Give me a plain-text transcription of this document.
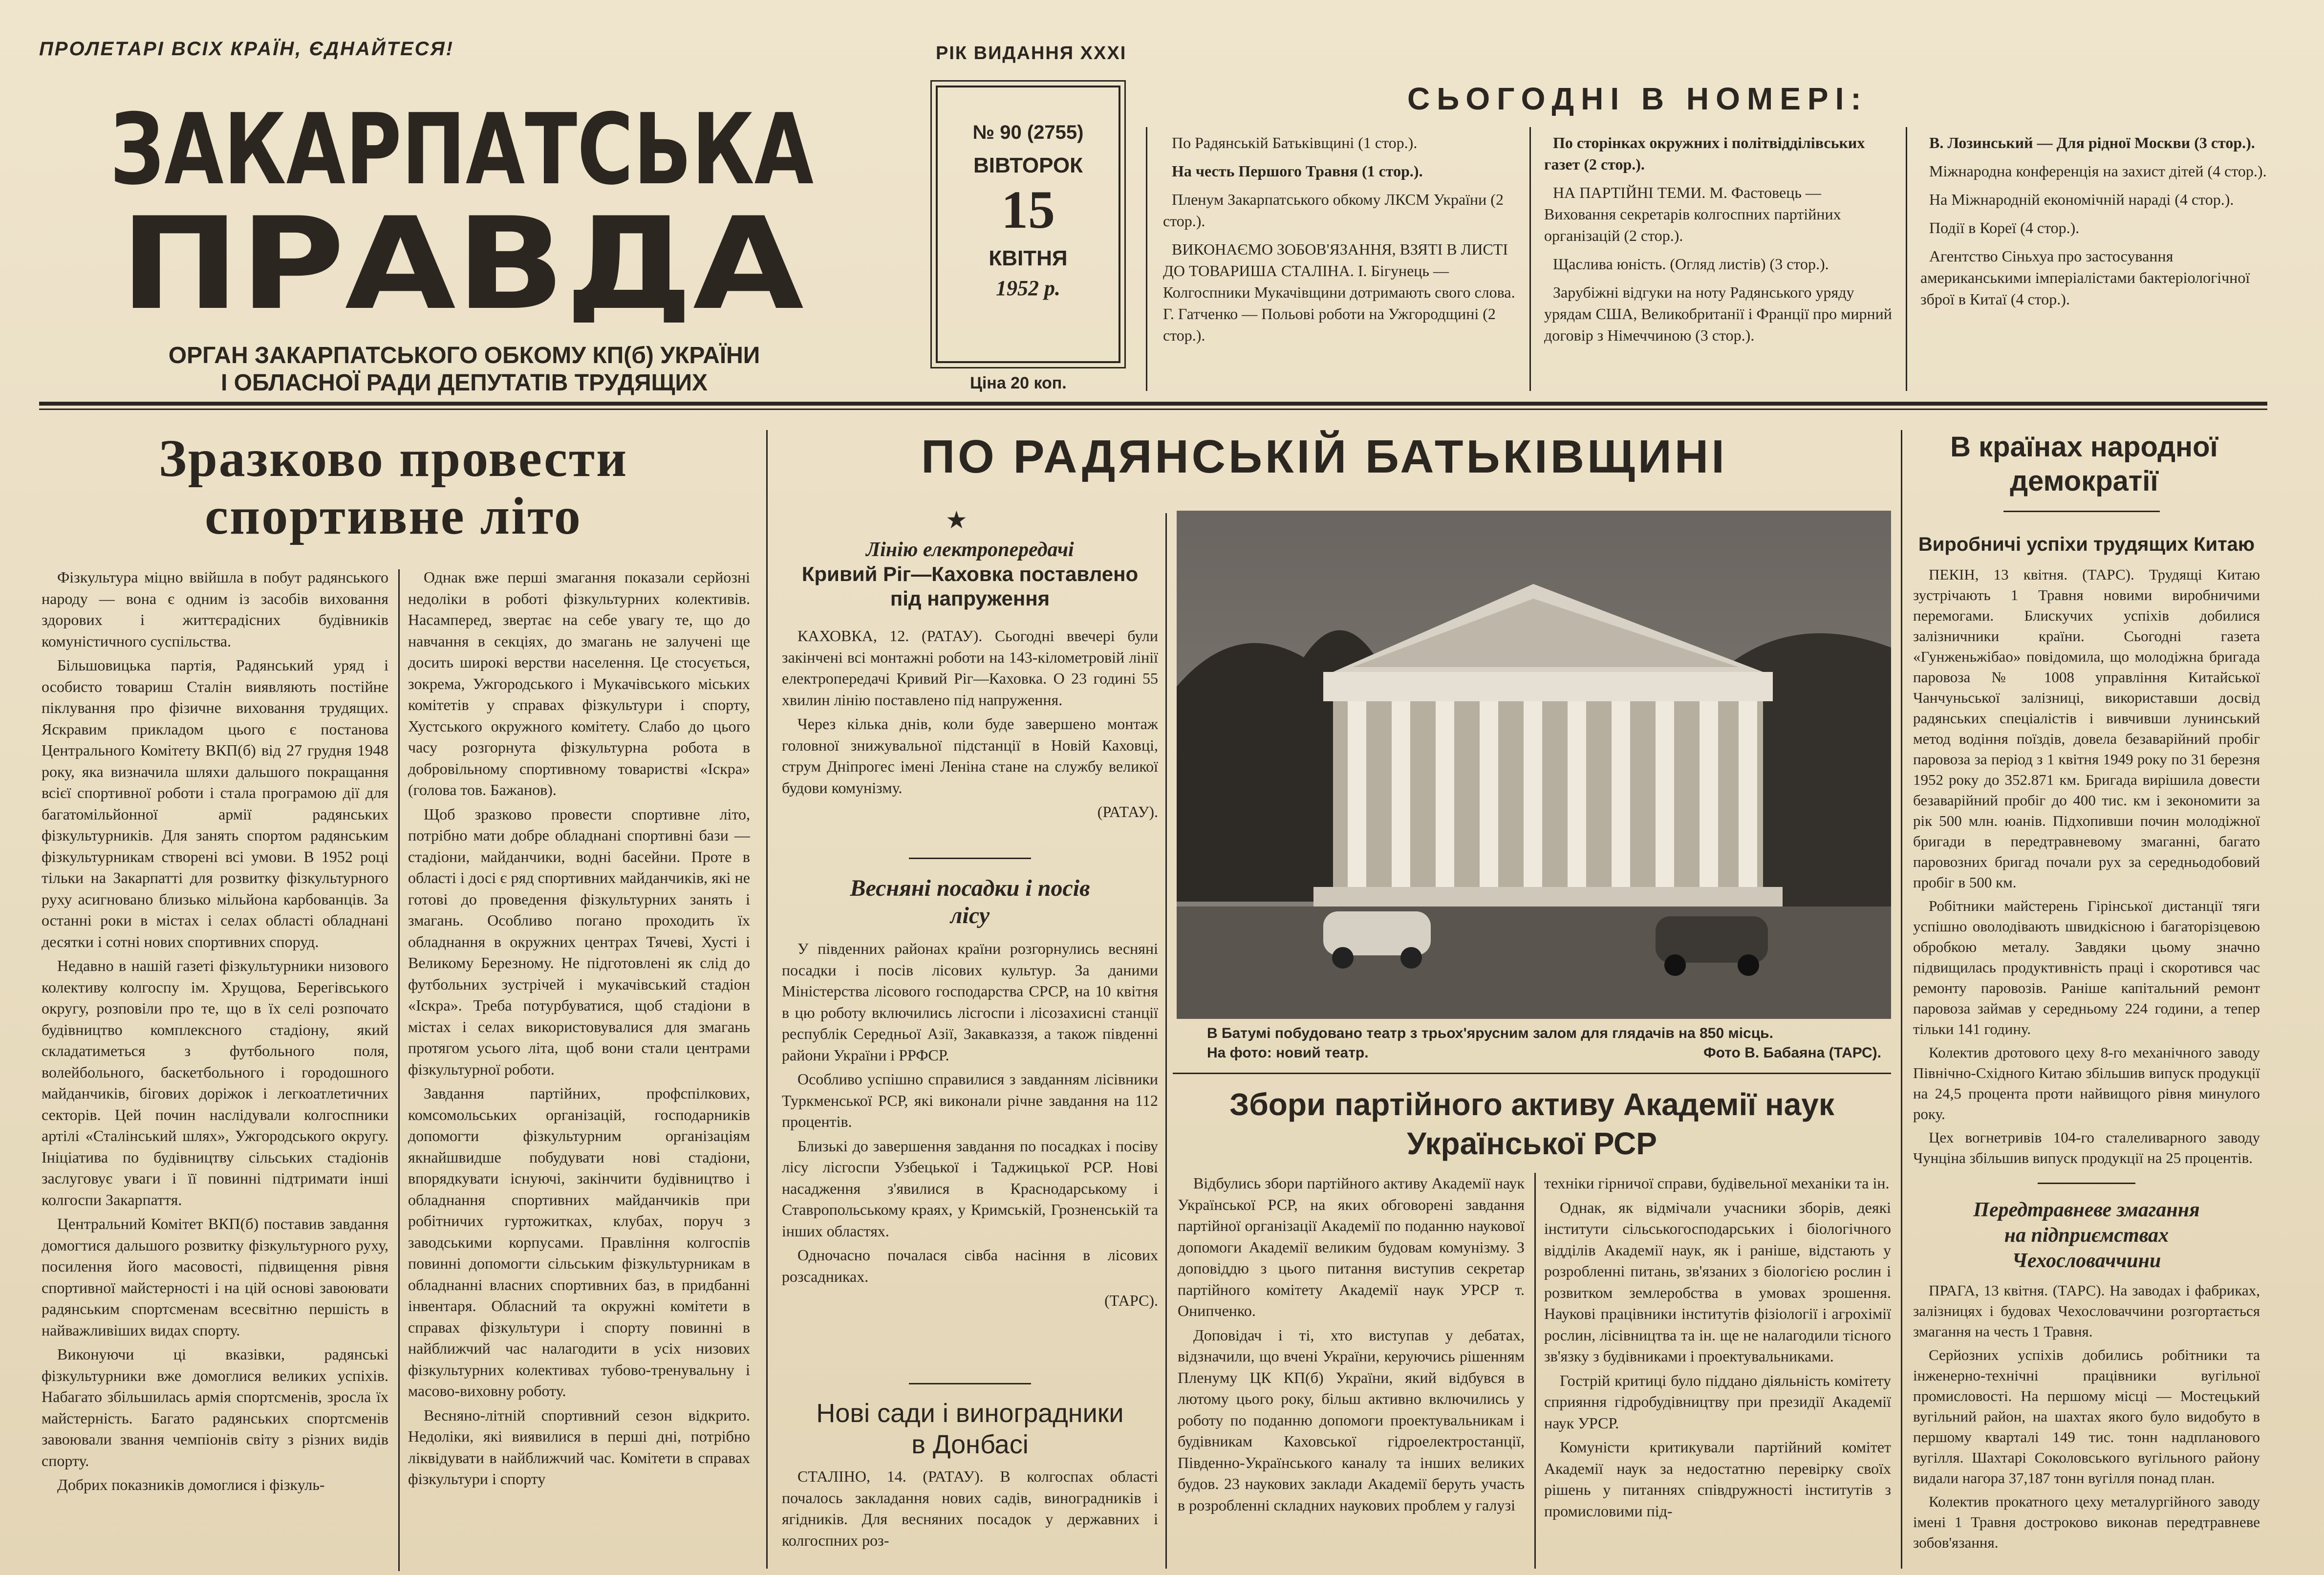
ПРОЛЕТАРІ ВСІХ КРАЇН, ЄДНАЙТЕСЯ!
ЗАКАРПАТСЬКА
ПРАВДА
ОРГАН ЗАКАРПАТСЬКОГО ОБКОМУ КП(б) УКРАЇНИ
І ОБЛАСНОЇ РАДИ ДЕПУТАТІВ ТРУДЯЩИХ
РІК ВИДАННЯ XXXІ
№ 90 (2755)
ВІВТОРОК
15
КВІТНЯ
1952 р.
Ціна 20 коп.
СЬОГОДНІ В НОМЕРІ:

По Радянській Батьківщині (1 стор.).

На честь Першого Травня (1 стор.).

Пленум Закарпатського обкому ЛКСМ України (2 стор.).

ВИКОНАЄМО ЗОБОВ'ЯЗАННЯ, ВЗЯТІ В ЛИСТІ ДО ТОВАРИША СТАЛІНА. І. Бігунець — Колгоспники Мукачівщини дотримають свого слова. Г. Гатченко — Польові роботи на Ужгородщині (2 стор.).

По сторінках окружних і політвідділівських газет (2 стор.).

НА ПАРТІЙНІ ТЕМИ. М. Фастовець — Виховання секретарів колгоспних партійних організацій (2 стор.).

Щаслива юність. (Огляд листів) (3 стор.).

Зарубіжні відгуки на ноту Радянського уряду урядам США, Великобританії і Франції про мирний договір з Німеччиною (3 стор.).

В. Лозинський — Для рідної Москви (3 стор.).

Міжнародна конференція на захист дітей (4 стор.).

На Міжнародній економічній нараді (4 стор.).

Події в Кореї (4 стор.).

Агентство Сіньхуа про застосування американськими імперіалістами бактеріологічної зброї в Китаї (4 стор.).

Зразково провести
спортивне літо

Фізкультура міцно ввійшла в побут радянського народу — вона є одним із засобів виховання здорових і життєрадісних будівників комуністичного суспільства.

Більшовицька партія, Радянський уряд і особисто товариш Сталін виявляють постійне піклування про фізичне виховання трудящих. Яскравим прикладом цього є постанова Центрального Комітету ВКП(б) від 27 грудня 1948 року, яка визначила шляхи дальшого покращання всієї спортивної роботи і стала програмою дії для багатомільйонної армії радянських фізкультурників. Для занять спортом радянським фізкультурникам створені всі умови. В 1952 році тільки на Закарпатті для розвитку фізкультурного руху асигновано близько мільйона карбованців. За останні роки в містах і селах області обладнані десятки і сотні нових спортивних споруд.

Недавно в нашій газеті фізкультурники низового колективу колгоспу ім. Хрущова, Берегівського округу, розповіли про те, що в їх селі розпочато будівництво комплексного стадіону, який складатиметься з футбольного поля, волейбольного, баскетбольного і городошного майданчиків, бігових доріжок і легкоатлетичних секторів. Цей почин наслідували колгоспники артілі «Сталінський шлях», Ужгородського округу. Ініціатива по будівництву сільських стадіонів заслуговує уваги і її повинні підтримати інші колгоспи Закарпаття.

Центральний Комітет ВКП(б) поставив завдання домогтися дальшого розвитку фізкультурного руху, посилення його масовості, підвищення рівня спортивної майстерності і на цій основі завоювати радянським спортсменам всесвітню першість в найважливіших видах спорту.

Виконуючи ці вказівки, радянські фізкультурники вже домоглися великих успіхів. Набагато збільшилась армія спортсменів, зросла їх майстерність. Багато радянських спортсменів завоювали звання чемпіонів світу з різних видів спорту.

Добрих показників домоглися і фізкуль-

Однак вже перші змагання показали серйозні недоліки в роботі фізкультурних колективів. Насамперед, звертає на себе увагу те, що до навчання в секціях, до змагань не залучені ще досить широкі верстви населення. Це стосується, зокрема, Ужгородського і Мукачівського міських комітетів у справах фізкультури і спорту, Хустського окружного комітету. Слабо до цього часу розгорнута фізкультурна робота в добровільному спортивному товаристві «Іскра» (голова тов. Бажанов).

Щоб зразково провести спортивне літо, потрібно мати добре обладнані спортивні бази — стадіони, майданчики, водні басейни. Проте в області і досі є ряд спортивних майданчиків, які не готові до проведення фізкультурних занять і змагань. Особливо погано проходить їх обладнання в окружних центрах Тячеві, Хусті і Великому Березному. Не підготовлені як слід до футбольних зустрічей і мукачівський стадіон «Іскра». Треба потурбуватися, щоб стадіони в містах і селах використовувалися для змагань протягом усього літа, щоб вони стали центрами фізкультурної роботи.

Завдання партійних, профспілкових, комсомольських організацій, господарників допомогти фізкультурним організаціям якнайшвидше побудувати нові стадіони, впорядкувати існуючі, закінчити будівництво і обладнання спортивних майданчиків при робітничих гуртожитках, клубах, поруч з заводськими корпусами. Правління колгоспів повинні допомогти сільським фізкультурникам в обладнанні власних спортивних баз, в придбанні інвентаря. Обласний та окружні комітети в справах фізкультури і спорту повинні в найближчий час налагодити в усіх низових фізкультурних колективах тубово-тренувальну і масово-виховну роботу.

Весняно-літній спортивний сезон відкрито. Недоліки, які виявилися в перші дні, потрібно ліквідувати в найближчий час. Комітети в справах фізкультури і спорту

ПО РАДЯНСЬКІЙ БАТЬКІВЩИНІ
★
Лінію електропередачі
Кривий Ріг—Каховка поставлено
під напруження

КАХОВКА, 12. (РАТАУ). Сьогодні ввечері були закінчені всі монтажні роботи на 143-кілометровій лінії електропередачі Кривий Ріг—Каховка. О 23 годині 55 хвилин лінію поставлено під напруження.

Через кілька днів, коли буде завершено монтаж головної знижувальної підстанції в Новій Каховці, струм Дніпрогес імені Леніна стане на службу великої будови комунізму.

(РАТАУ).

Весняні посадки і посів
лісу

У південних районах країни розгорнулись весняні посадки і посів лісових культур. За даними Міністерства лісового господарства СРСР, на 10 квітня в цю роботу включились лісгоспи і лісозахисні станції республік Середньої Азії, Закавказзя, а також південні райони України і РРФСР.

Особливо успішно справилися з завданням лісівники Туркменської РСР, які виконали річне завдання на 112 процентів.

Близькі до завершення завдання по посадках і посіву лісу лісгоспи Узбецької і Таджицької РСР. Нові насадження з'явилися в Краснодарському і Ставропольському краях, у Кримській, Грозненській та інших областях.

Одночасно почалася сівба насіння в лісових розсадниках.

(ТАРС).

Нові сади і виноградники
в Донбасі

СТАЛІНО, 14. (РАТАУ). В колгоспах області почалось закладання нових садів, виноградників і ягідників. Для весняних посадок у державних і колгоспних роз-

В Батумі побудовано театр з трьох'ярусним залом для глядачів на 850 місць.
На фото: новий театр.	Фото В. Бабаяна (ТАРС).
Збори партійного активу Академії наук
Української РСР

Відбулись збори партійного активу Академії наук Української РСР, на яких обговорені завдання партійної організації Академії по поданню наукової допомоги Академії великим будовам комунізму. З доповіддю з цього питання виступив секретар партійного комітету Академії наук УРСР т. Онипченко.

Доповідач і ті, хто виступав у дебатах, відзначили, що вчені України, керуючись рішенням Пленуму ЦК КП(б) України, який відбувся в лютому цього року, більш активно включились у роботу по поданню допомоги проектувальникам і будівникам Каховської гідроелектростанції, Південно-Українського каналу та інших великих будов. 23 наукових заклади Академії беруть участь в розробленні складних наукових проблем у галузі

техніки гірничої справи, будівельної механіки та ін.

Однак, як відмічали учасники зборів, деякі інститути сільськогосподарських і біологічного відділів Академії наук, як і раніше, відстають у розробленні питань, зв'язаних з біологією рослин і розвитком землеробства в умовах зрошення. Наукові працівники інститутів фізіології і агрохімії рослин, лісівництва та ін. ще не налагодили тісного зв'язку з будівниками і проектувальниками.

Гострій критиці було піддано діяльність комітету сприяння гідробудівництву при президії Академії наук УРСР.

Комуністи критикували партійний комітет Академії наук за недостатню перевірку своїх рішень у питаннях співдружності інститутів з промисловими під-

В країнах народної
демократії
Виробничі успіхи трудящих Китаю

ПЕКІН, 13 квітня. (ТАРС). Трудящі Китаю зустрічають 1 Травня новими виробничими перемогами. Блискучих успіхів добилися залізничники країни. Сьогодні газета «Гунженьжібао» повідомила, що молодіжна бригада паровоза № 1008 управління Китайської Чанчуньської залізниці, використавши досвід радянських спеціалістів і вивчивши лунинський метод водіння поїздів, довела безаварійний пробіг паровоза за період з 1 квітня 1949 року по 31 березня 1952 року до 352.871 км. Бригада вирішила довести безаварійний пробіг до 400 тис. км і зекономити за рік 500 млн. юанів. Підхопивши почин молодіжної бригади в передтравневому змаганні, багато паровозних бригад почали рух за середньодобовий пробіг в 500 км.

Робітники майстерень Гірінської дистанції тяги успішно оволодівають швидкісною і багаторізцевою обробкою металу. Завдяки цьому значно підвищилась продуктивність праці і скоротився час ремонту паровозів. Раніше капітальний ремонт паровоза займав у середньому 224 години, а тепер тільки 141 годину.

Колектив дротового цеху 8-го механічного заводу Північно-Східного Китаю збільшив випуск продукції на 24,5 процента проти найвищого рівня минулого року.

Цех вогнетривів 104-го сталеливарного заводу Чунціна збільшив випуск продукції на 25 процентів.

Передтравневе змагання
на підприємствах
Чехословаччини

ПРАГА, 13 квітня. (ТАРС). На заводах і фабриках, залізницях і будовах Чехословаччини розгортається змагання на честь 1 Травня.

Серйозних успіхів добились робітники та інженерно-технічні працівники вугільної промисловості. На першому місці — Мостецький вугільний район, на шахтах якого було видобуто в першому кварталі 149 тис. тонн надпланового вугілля. Шахтарі Соколовського вугільного району видали нагора 37,187 тонн вугілля понад план.

Колектив прокатного цеху металургійного заводу імені 1 Травня достроково виконав передтравневе зобов'язання.
